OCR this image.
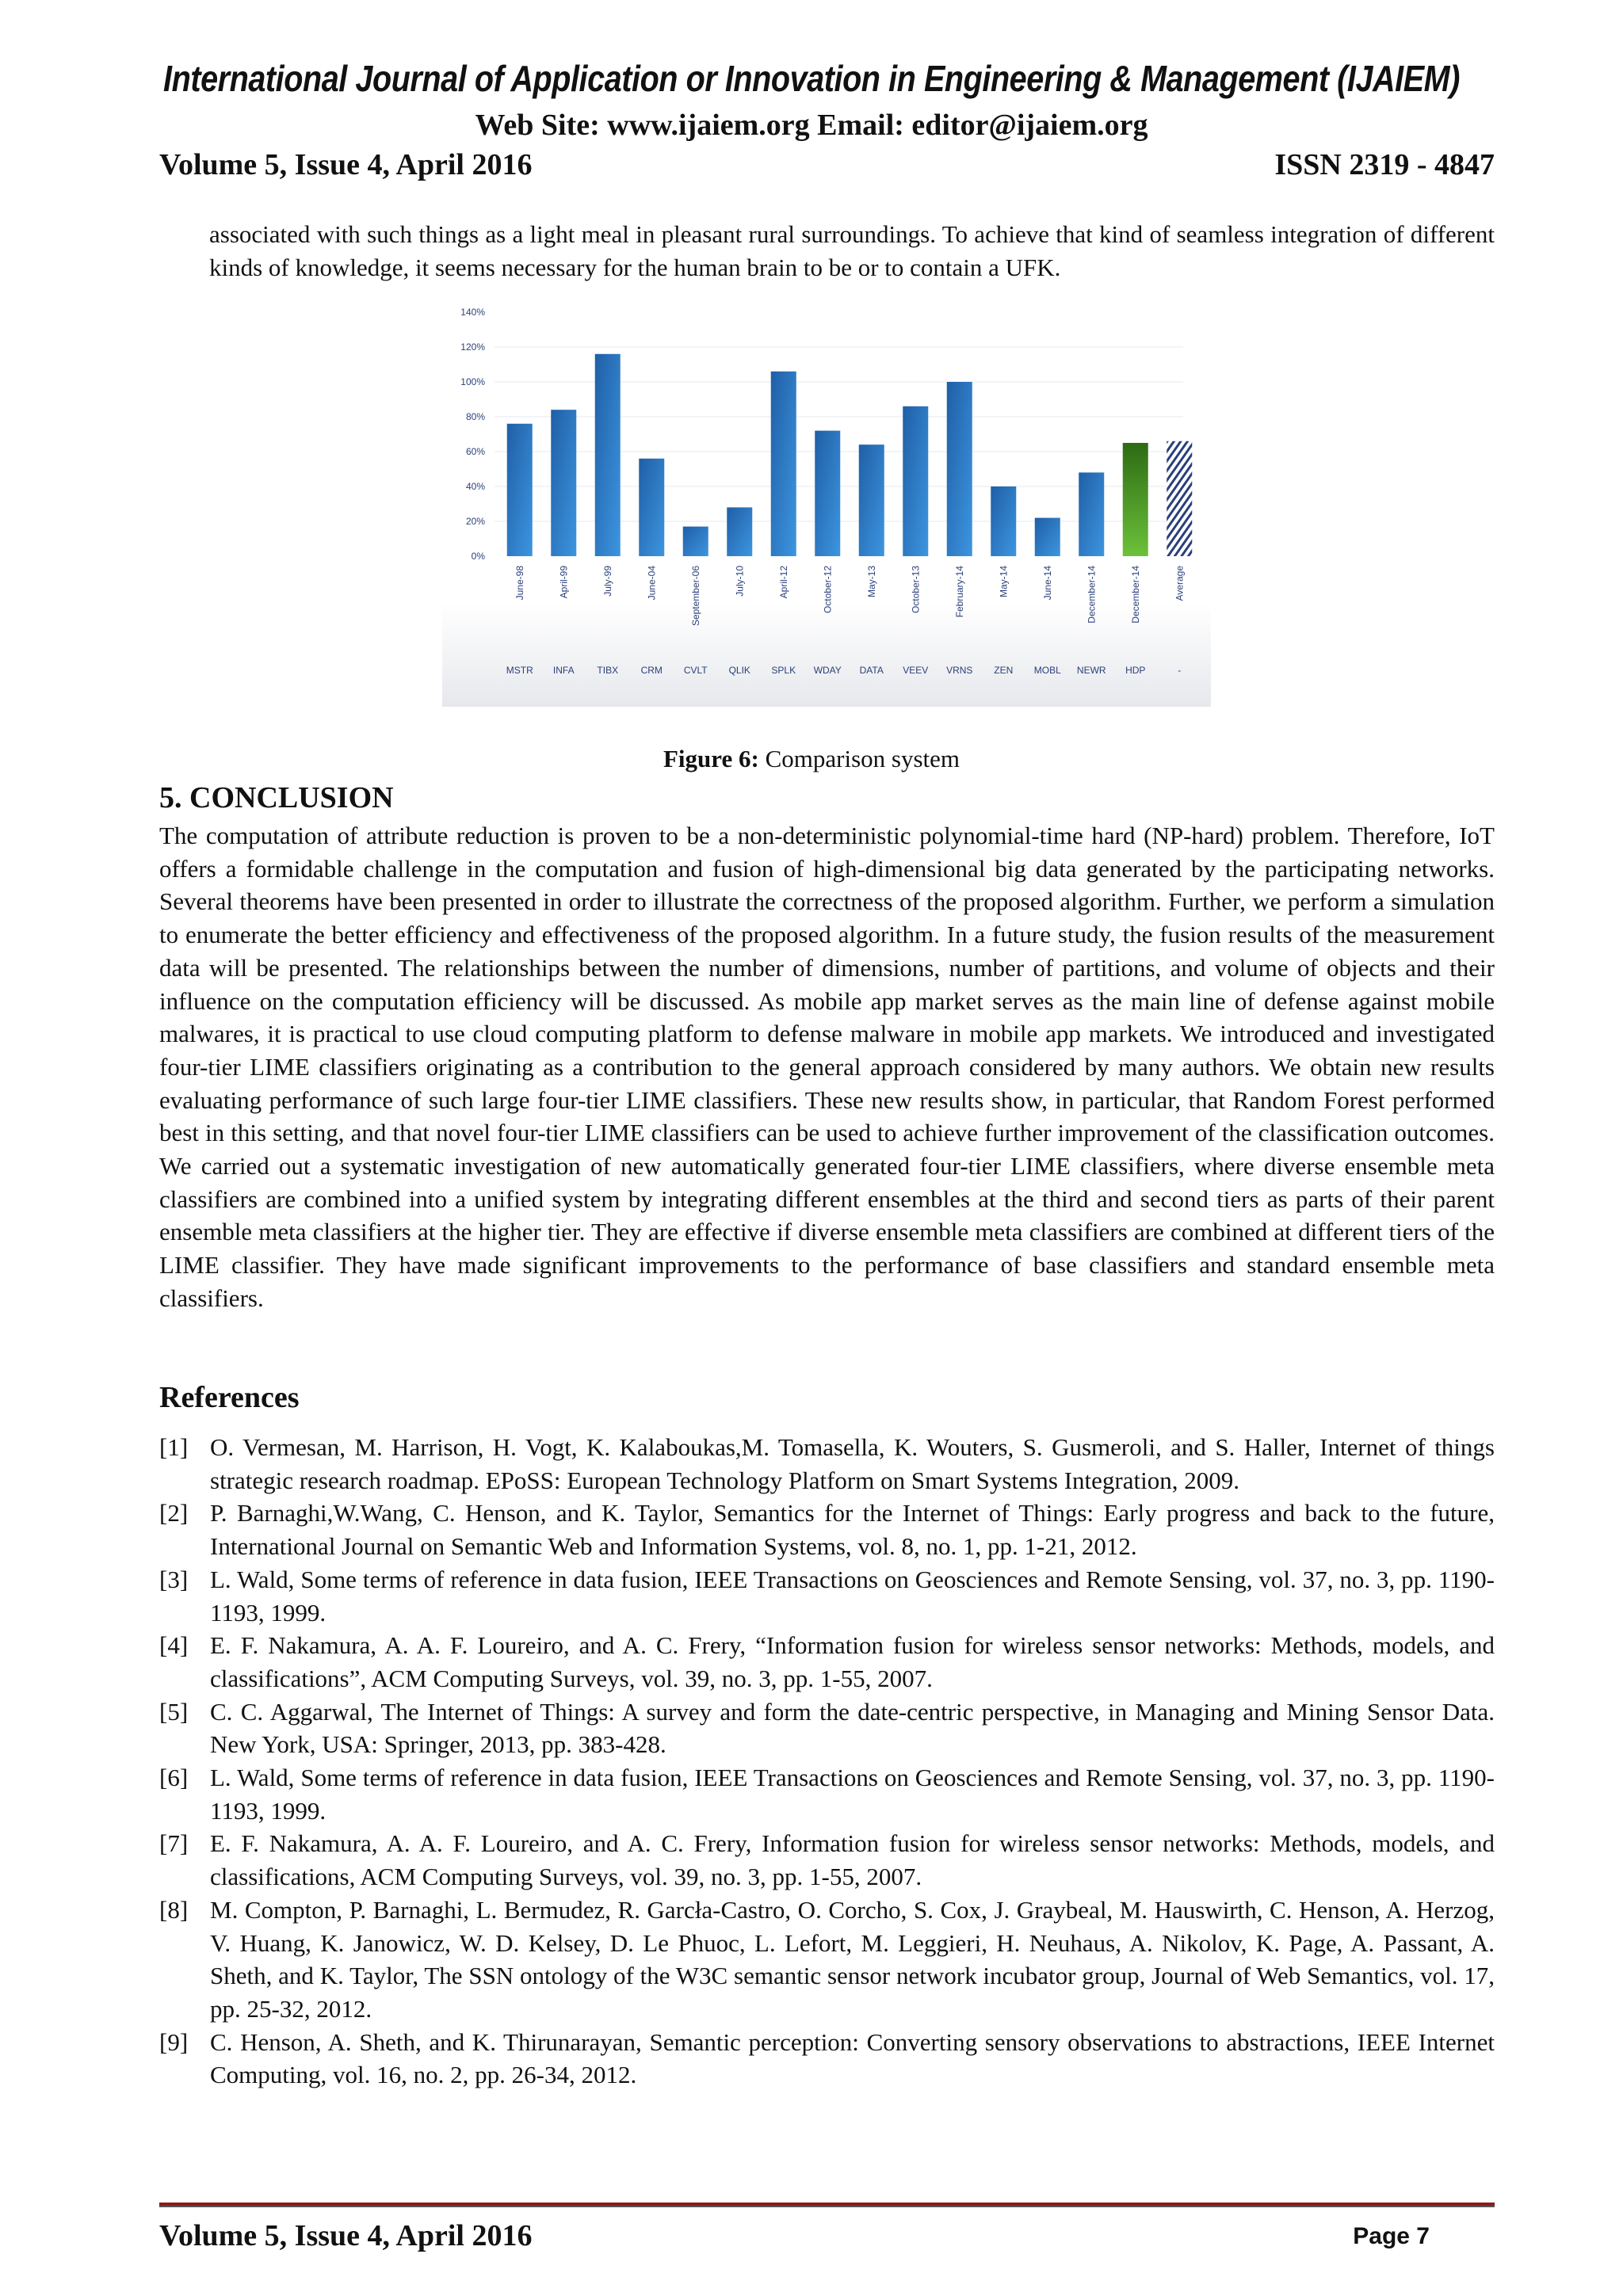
International Journal of Application or Innovation in Engineering & Management (IJAIEM)
Web Site: www.ijaiem.org Email: editor@ijaiem.org
Volume 5, Issue 4, April 2016	ISSN 2319 - 4847
associated with such things as a light meal in pleasant rural surroundings. To achieve that kind of seamless integration of different kinds of knowledge, it seems necessary for the human brain to be or to contain a UFK.
0%
20%
40%
60%
80%
100%
120%
140%
June-98
MSTR
April-99
INFA
July-99
TIBX
June-04
CRM
September-06
CVLT
July-10
QLIK
April-12
SPLK
October-12
WDAY
May-13
DATA
October-13
VEEV
February-14
VRNS
May-14
ZEN
June-14
MOBL
December-14
NEWR
December-14
HDP
Average
-
Figure 6: Comparison system
5. CONCLUSION
The computation of attribute reduction is proven to be a non-deterministic polynomial-time hard (NP-hard) problem. Therefore, IoT offers a formidable challenge in the computation and fusion of high-dimensional big data generated by the participating networks. Several theorems have been presented in order to illustrate the correctness of the proposed algorithm. Further, we perform a simulation to enumerate the better efficiency and effectiveness of the proposed algorithm. In a future study, the fusion results of the measurement data will be presented. The relationships between the number of dimensions, number of partitions, and volume of objects and their influence on the computation efficiency will be discussed. As mobile app market serves as the main line of defense against mobile malwares, it is practical to use cloud computing platform to defense malware in mobile app markets. We introduced and investigated four-tier LIME classifiers originating as a contribution to the general approach considered by many authors. We obtain new results evaluating performance of such large four-tier LIME classifiers. These new results show, in particular, that Random Forest performed best in this setting, and that novel four-tier LIME classifiers can be used to achieve further improvement of the classification outcomes. We carried out a systematic investigation of new automatically generated four-tier LIME classifiers, where diverse ensemble meta classifiers are combined into a unified system by integrating different ensembles at the third and second tiers as parts of their parent ensemble meta classifiers at the higher tier. They are effective if diverse ensemble meta classifiers are combined at different tiers of the LIME classifier. They have made significant improvements to the performance of base classifiers and standard ensemble meta classifiers.
References
[1] O. Vermesan, M. Harrison, H. Vogt, K. Kalaboukas,M. Tomasella, K. Wouters, S. Gusmeroli, and S. Haller, Internet of things strategic research roadmap. EPoSS: European Technology Platform on Smart Systems Integration, 2009.
[2] P. Barnaghi,W.Wang, C. Henson, and K. Taylor, Semantics for the Internet of Things: Early progress and back to the future, International Journal on Semantic Web and Information Systems, vol. 8, no. 1, pp. 1-21, 2012.
[3] L. Wald, Some terms of reference in data fusion, IEEE Transactions on Geosciences and Remote Sensing, vol. 37, no. 3, pp. 1190-1193, 1999.
[4] E. F. Nakamura, A. A. F. Loureiro, and A. C. Frery, “Information fusion for wireless sensor networks: Methods, models, and classifications”, ACM Computing Surveys, vol. 39, no. 3, pp. 1-55, 2007.
[5] C. C. Aggarwal, The Internet of Things: A survey and form the date-centric perspective, in Managing and Mining Sensor Data. New York, USA: Springer, 2013, pp. 383-428.
[6] L. Wald, Some terms of reference in data fusion, IEEE Transactions on Geosciences and Remote Sensing, vol. 37, no. 3, pp. 1190-1193, 1999.
[7] E. F. Nakamura, A. A. F. Loureiro, and A. C. Frery, Information fusion for wireless sensor networks: Methods, models, and classifications, ACM Computing Surveys, vol. 39, no. 3, pp. 1-55, 2007.
[8] M. Compton, P. Barnaghi, L. Bermudez, R. Garcła-Castro, O. Corcho, S. Cox, J. Graybeal, M. Hauswirth, C. Henson, A. Herzog, V. Huang, K. Janowicz, W. D. Kelsey, D. Le Phuoc, L. Lefort, M. Leggieri, H. Neuhaus, A. Nikolov, K. Page, A. Passant, A. Sheth, and K. Taylor, The SSN ontology of the W3C semantic sensor network incubator group, Journal of Web Semantics, vol. 17, pp. 25-32, 2012.
[9] C. Henson, A. Sheth, and K. Thirunarayan, Semantic perception: Converting sensory observations to abstractions, IEEE Internet Computing, vol. 16, no. 2, pp. 26-34, 2012.
Volume 5, Issue 4, April 2016	Page 7
